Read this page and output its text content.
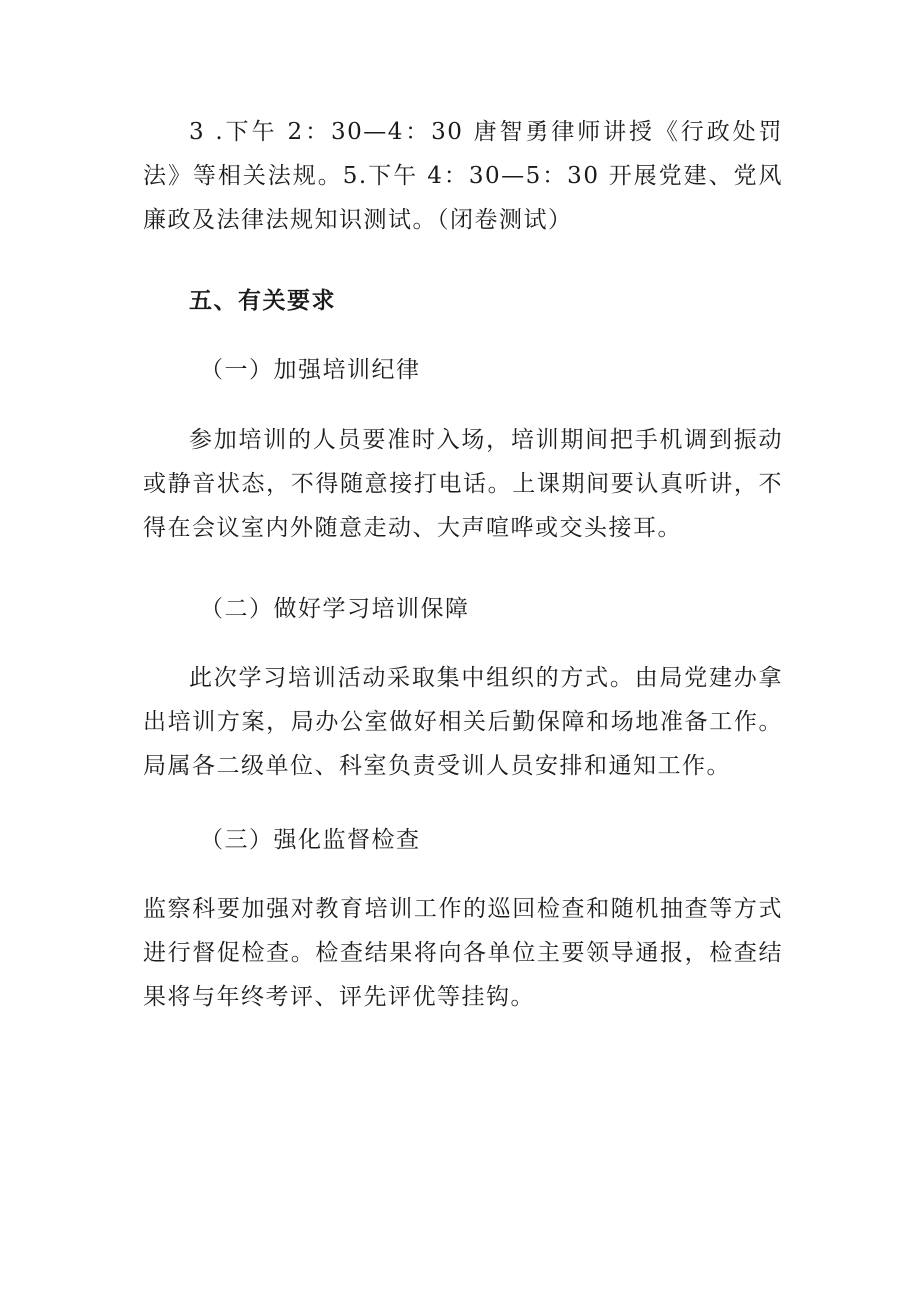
3 .下午 2：30—4：30 唐智勇律师讲授《行政处罚法》等相关法规。5.下午 4：30—5：30 开展党建、党风廉政及法律法规知识测试。（闭卷测试）

五、有关要求

（一）加强培训纪律

参加培训的人员要准时入场，培训期间把手机调到振动或静音状态，不得随意接打电话。上课期间要认真听讲，不得在会议室内外随意走动、大声喧哗或交头接耳。

（二）做好学习培训保障

此次学习培训活动采取集中组织的方式。由局党建办拿出培训方案，局办公室做好相关后勤保障和场地准备工作。局属各二级单位、科室负责受训人员安排和通知工作。

（三）强化监督检查

监察科要加强对教育培训工作的巡回检查和随机抽查等方式进行督促检查。检查结果将向各单位主要领导通报，检查结果将与年终考评、评先评优等挂钩。
